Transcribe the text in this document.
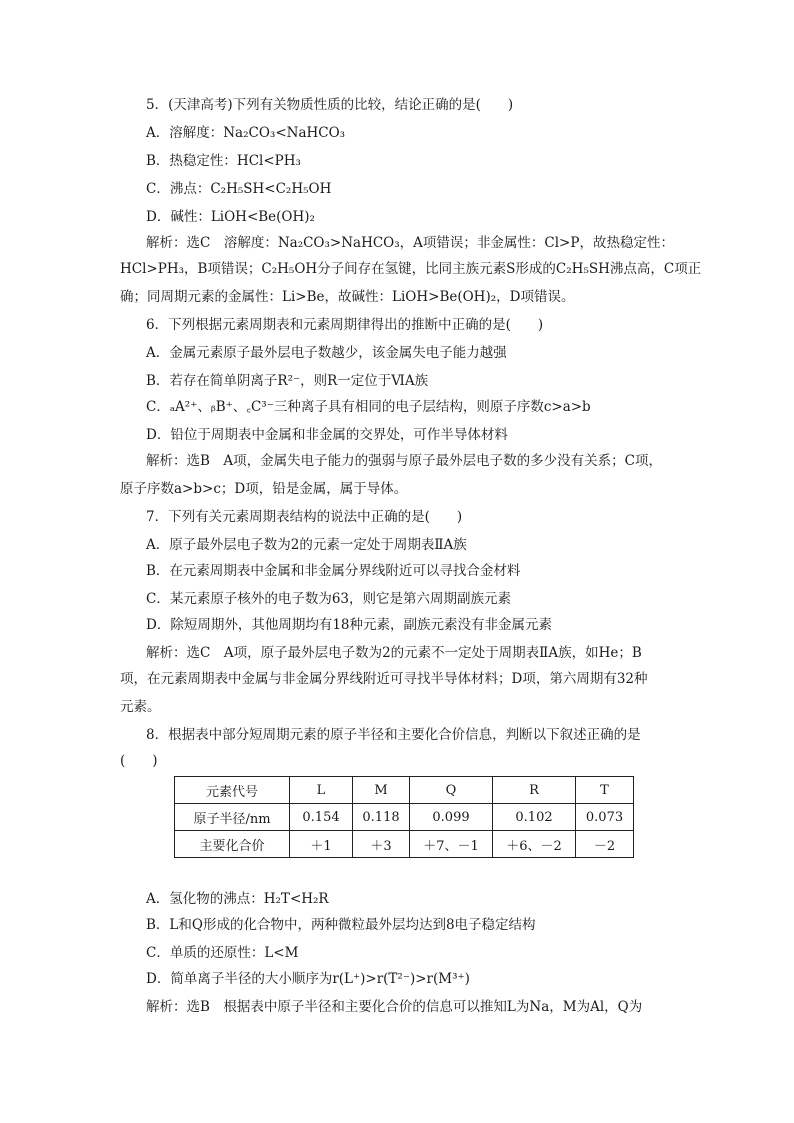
5．(天津高考)下列有关物质性质的比较，结论正确的是(　　)
A．溶解度：Na₂CO₃<NaHCO₃
B．热稳定性：HCl<PH₃
C．沸点：C₂H₅SH<C₂H₅OH
D．碱性：LiOH<Be(OH)₂
解析：选C　溶解度：Na₂CO₃>NaHCO₃，A项错误；非金属性：Cl>P，故热稳定性：
HCl>PH₃，B项错误；C₂H₅OH分子间存在氢键，比同主族元素S形成的C₂H₅SH沸点高，C项正
确；同周期元素的金属性：Li>Be，故碱性：LiOH>Be(OH)₂，D项错误。
6．下列根据元素周期表和元素周期律得出的推断中正确的是(　　)
A．金属元素原子最外层电子数越少，该金属失电子能力越强
B．若存在简单阴离子R²⁻，则R一定位于ⅥA族
C．ₐA²⁺、ᵦB⁺、꜀C³⁻三种离子具有相同的电子层结构，则原子序数c>a>b
D．铅位于周期表中金属和非金属的交界处，可作半导体材料
解析：选B　A项，金属失电子能力的强弱与原子最外层电子数的多少没有关系；C项，
原子序数a>b>c；D项，铅是金属，属于导体。
7．下列有关元素周期表结构的说法中正确的是(　　)
A．原子最外层电子数为2的元素一定处于周期表ⅡA族
B．在元素周期表中金属和非金属分界线附近可以寻找合金材料
C．某元素原子核外的电子数为63，则它是第六周期副族元素
D．除短周期外，其他周期均有18种元素，副族元素没有非金属元素
解析：选C　A项，原子最外层电子数为2的元素不一定处于周期表ⅡA族，如He；B
项，在元素周期表中金属与非金属分界线附近可寻找半导体材料；D项，第六周期有32种
元素。
8．根据表中部分短周期元素的原子半径和主要化合价信息，判断以下叙述正确的是
(　　)
元素代号	L	M	Q	R	T
原子半径/nm	0.154	0.118	0.099	0.102	0.073
主要化合价	＋1	＋3	＋7、－1	＋6、－2	－2
A．氢化物的沸点：H₂T<H₂R
B．L和Q形成的化合物中，两种微粒最外层均达到8电子稳定结构
C．单质的还原性：L<M
D．简单离子半径的大小顺序为r(L⁺)>r(T²⁻)>r(M³⁺)
解析：选B　根据表中原子半径和主要化合价的信息可以推知L为Na，M为Al，Q为
